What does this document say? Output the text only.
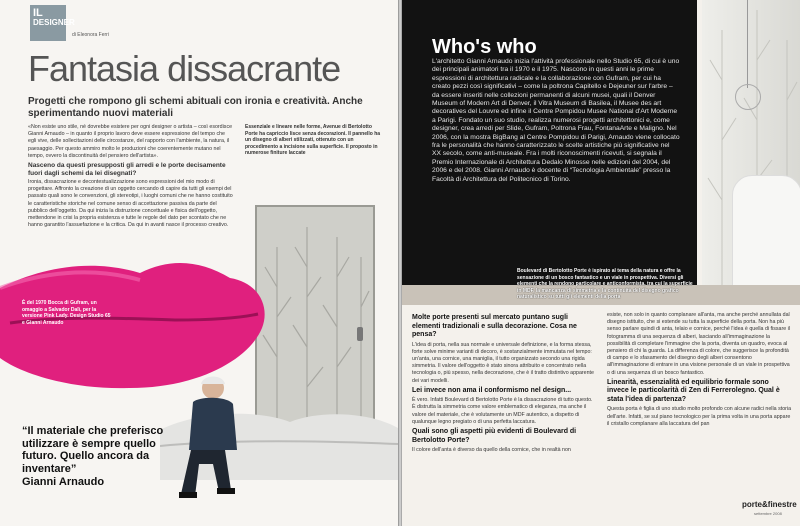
IL
DESIGNER
di Eleonora Ferri
Fantasia dissacrante
Progetti che rompono gli schemi abituali con ironia e creatività. Anche sperimentando nuovi materiali

«Non esiste uno stile, né dovrebbe esistere per ogni designer o artista – così esordisce Gianni Arnaudo – in quanto il proprio lavoro deve essere espressione del tempo che egli vive, delle sollecitazioni delle circostanze, del rapporto con l'ambiente, la natura, il paesaggio. Per questo ammiro molto le produzioni che coerentemente mutano nel tempo, ovvero la discontinuità del pensiero dell'artista».

Nasceno da questi presupposti gli arredi e le porte decisamente fuori dagli schemi da lei disegnati?

Ironia, dissacrazione e decontestualizzazione sono espressioni del mio modo di progettare. Affronto la creazione di un oggetto cercando di capire da tutti gli esempi del passato quali sono le convenzioni, gli stereotipi, i luoghi comuni che ne hanno costituito le caratteristiche storiche nel comune senso di accettazione passiva da parte del pubblico dell'oggetto. Da qui inizia la distruzione concettuale e fisica dell'oggetto, mettendone in crisi la propria esistenza e tutte le regole del dato per scontato che ne hanno garantito l'assuefazione e la critica. Da qui in avanti nasce il processo creativo.

Essenziale e lineare nelle forme, Avenue di Bertolotto Porte ha capriccio lisce senza decorazioni. Il pannello ha un disegno di alberi stilizzati, ottenuto con un procedimento a incisione sulla superficie. Il proposto in numerose finiture laccate
È del 1970 Bocca di Gufram, un omaggio a Salvador Dalì, per la versione Pink Lady. Design Studio 65 e Gianni Arnaudo
“Il materiale che preferisco utilizzare è sempre quello futuro. Quello ancora da inventare”
Gianni Arnaudo
Who's who

L'architetto Gianni Arnaudo inizia l'attività professionale nello Studio 65, di cui è uno dei principali animatori tra il 1970 e il 1975. Nascono in questi anni le prime espressioni di architettura radicale e la collaborazione con Gufram, per cui ha creato pezzi così significativi – come la poltrona Capitello e Dejeuner sur l'arbre – da essere inseriti nelle collezioni permanenti di alcuni musei, quali il Denver Museum of Modern Art di Denver, il Vitra Museum di Basilea, il Musee des art decoratives del Louvre ed infine il Centre Pompidou Musee National d'Art Moderne a Parigi. Fondato un suo studio, realizza numerosi progetti architettonici e, come designer, crea arredi per Slide, Gufram, Poltrona Frau, FontanaArte e Maligno. Nel 2006, con la mostra BigBang al Centre Pompidou di Parigi, Arnaudo viene collocato fra le personalità che hanno caratterizzato le scelte artistiche più significative nel XX secolo, come anti-museale. Fra i molti riconoscimenti ricevuti, si segnala il Premio Internazionale di Architettura Dedalo Minosse nelle edizioni del 2004, del 2006 e del 2008. Gianni Arnaudo è docente di “Tecnologia Ambientale” presso la Facoltà di Architettura del Politecnico di Torino.

Boulevard di Bertolotto Porte è ispirato al tema della natura e offre la sensazione di un bosco fantastico e un viale in prospettiva. Diversi gli elementi che la rendono particolare e anticonformista, tra cui la superficie in MDF, la mancanza di simmetria e la continuità del disegno grafico naturalistico su tutti gli elementi della porta

Molte porte presenti sul mercato puntano sugli elementi tradizionali e sulla decorazione. Cosa ne pensa?

L'idea di porta, nella sua normale e universale definizione, e la forma stessa, forte solve minime varianti di decoro, è sostanzialmente immutata nel tempo: un'anta, una cornice, una maniglia, il tutto organizzato secondo una rigida simmetria. Il valore dell'oggetto è stato sinora attribuito e concentrato nella tecnologia o, più spesso, nella decorazione, che è il tratto distintivo apparente dei vari modelli.

Lei invece non ama il conformismo nel design...

È vero. Infatti Boulevard di Bertolotto Porte è la dissacrazione di tutto questo. È distrutta la simmetria come valore emblematico di eleganza, ma anche il valore del materiale, che è volutamente un MDF autentico, a dispetto di qualunque legno pregiato o di una perfetta laccatura.

Quali sono gli aspetti più evidenti di Boulevard di Bertolotto Porte?

Il colore dell'anta è diverso da quello della cornice, che in realtà non

esiste, non solo in quanto complanare all'anta, ma anche perché annullata dal disegno istituito, che si estende su tutta la superficie della porta. Non ha più senso parlare quindi di anta, telaio e cornice, perché l'idea è quella di fissare il fotogramma di una sequenza di alberi, lasciando all'immaginazione la possibilità di completare l'immagine che la porta, diventa un quadro, evoca al pensiero di chi la guarda. La differenza di colore, che suggerisce la profondità di campo e lo sfasamento del disegno degli alberi consentono all'immaginazione di entrare in una visione personale di un viale in prospettiva o di una sequenza di un bosco fantastico.

Linearità, essenzialità ed equilibrio formale sono invece le particolarità di Zen di Ferrerolegno. Qual è stata l'idea di partenza?

Questa porta è figlia di uno studio molto profondo con alcune radici nella storia dell'arte. Infatti, se sul piano tecnologico per la prima volta in una porta appare il cristallo complanare alla laccatura del pan

porte&finestre
settembre 2008
